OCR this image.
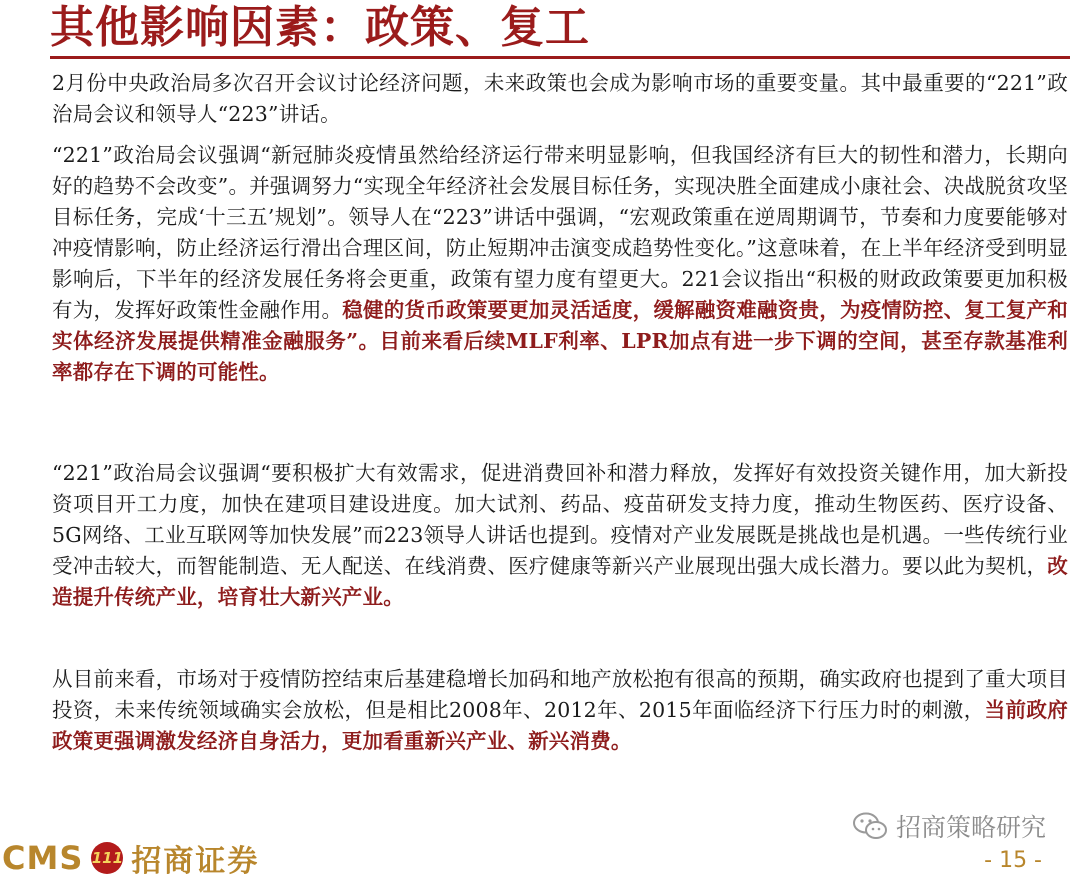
其他影响因素：政策、复工
2月份中央政治局多次召开会议讨论经济问题，未来政策也会成为影响市场的重要变量。其中最重要的“221”政治局会议和领导人“223”讲话。
“221”政治局会议强调“新冠肺炎疫情虽然给经济运行带来明显影响，但我国经济有巨大的韧性和潜力，长期向好的趋势不会改变”。并强调努力“实现全年经济社会发展目标任务，实现决胜全面建成小康社会、决战脱贫攻坚目标任务，完成‘十三五’规划”。领导人在“223”讲话中强调，“宏观政策重在逆周期调节，节奏和力度要能够对冲疫情影响，防止经济运行滑出合理区间，防止短期冲击演变成趋势性变化。”这意味着，在上半年经济受到明显影响后，下半年的经济发展任务将会更重，政策有望力度有望更大。221会议指出“积极的财政政策要更加积极有为，发挥好政策性金融作用。稳健的货币政策要更加灵活适度，缓解融资难融资贵，为疫情防控、复工复产和实体经济发展提供精准金融服务”。目前来看后续MLF利率、LPR加点有进一步下调的空间，甚至存款基准利率都存在下调的可能性。
“221”政治局会议强调“要积极扩大有效需求，促进消费回补和潜力释放，发挥好有效投资关键作用，加大新投资项目开工力度，加快在建项目建设进度。加大试剂、药品、疫苗研发支持力度，推动生物医药、医疗设备、5G网络、工业互联网等加快发展”而223领导人讲话也提到。疫情对产业发展既是挑战也是机遇。一些传统行业受冲击较大，而智能制造、无人配送、在线消费、医疗健康等新兴产业展现出强大成长潜力。要以此为契机，改造提升传统产业，培育壮大新兴产业。
从目前来看，市场对于疫情防控结束后基建稳增长加码和地产放松抱有很高的预期，确实政府也提到了重大项目投资，未来传统领域确实会放松，但是相比2008年、2012年、2015年面临经济下行压力时的刺激，当前政府政策更强调激发经济自身活力，更加看重新兴产业、新兴消费。
CMS 111 招商证券
招商策略研究
- 15 -
